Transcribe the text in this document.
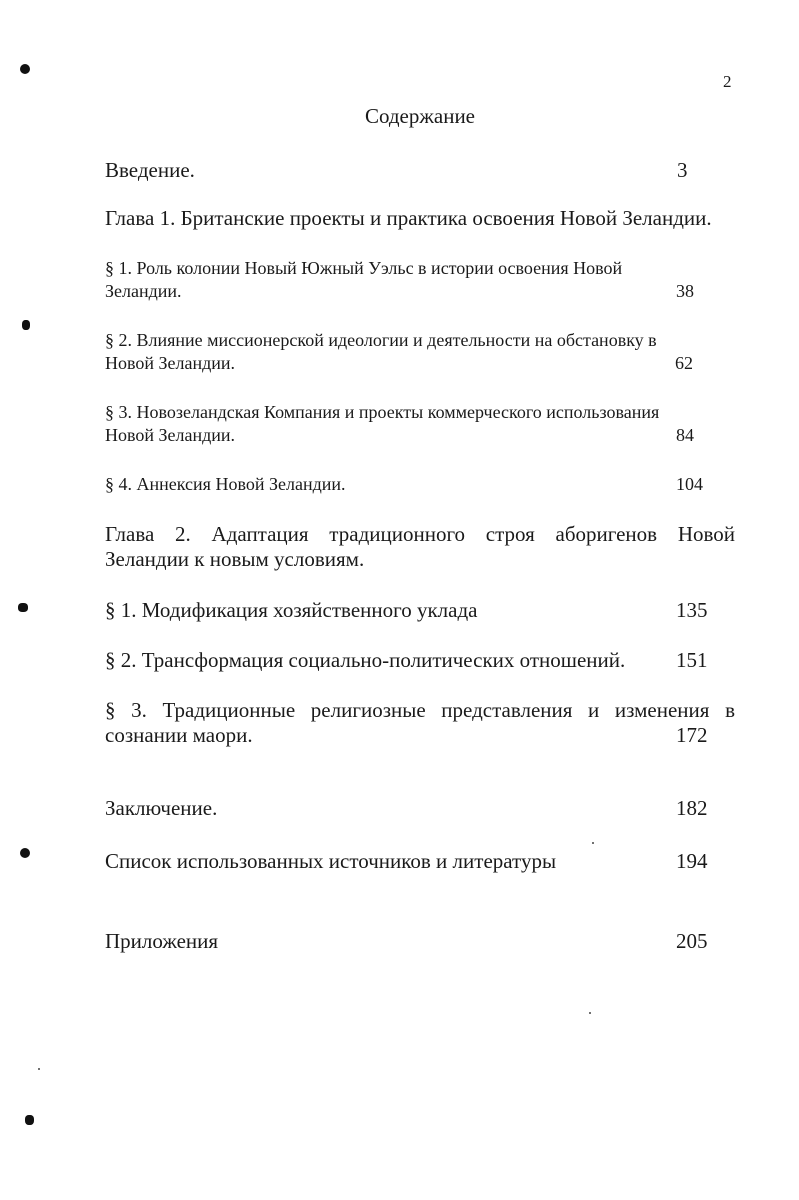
2
Содержание
Введение.	3
Глава 1. Британские проекты и практика освоения Новой Зеландии.
§ 1. Роль колонии Новый Южный Уэльс в истории освоения Новой
Зеландии.	38
§ 2. Влияние миссионерской идеологии и деятельности на обстановку в
Новой Зеландии.	62
§ 3. Новозеландская Компания и проекты коммерческого использования
Новой Зеландии.	84
§ 4. Аннексия Новой Зеландии.	104
Глава 2. Адаптация традиционного строя аборигенов Новой
Зеландии к новым условиям.
§ 1. Модификация хозяйственного уклада	135
§ 2. Трансформация социально-политических отношений. 151
§ 3. Традиционные религиозные представления и изменения в
сознании маори.	172
Заключение.	182
Список использованных источников и литературы	194
Приложения	205
